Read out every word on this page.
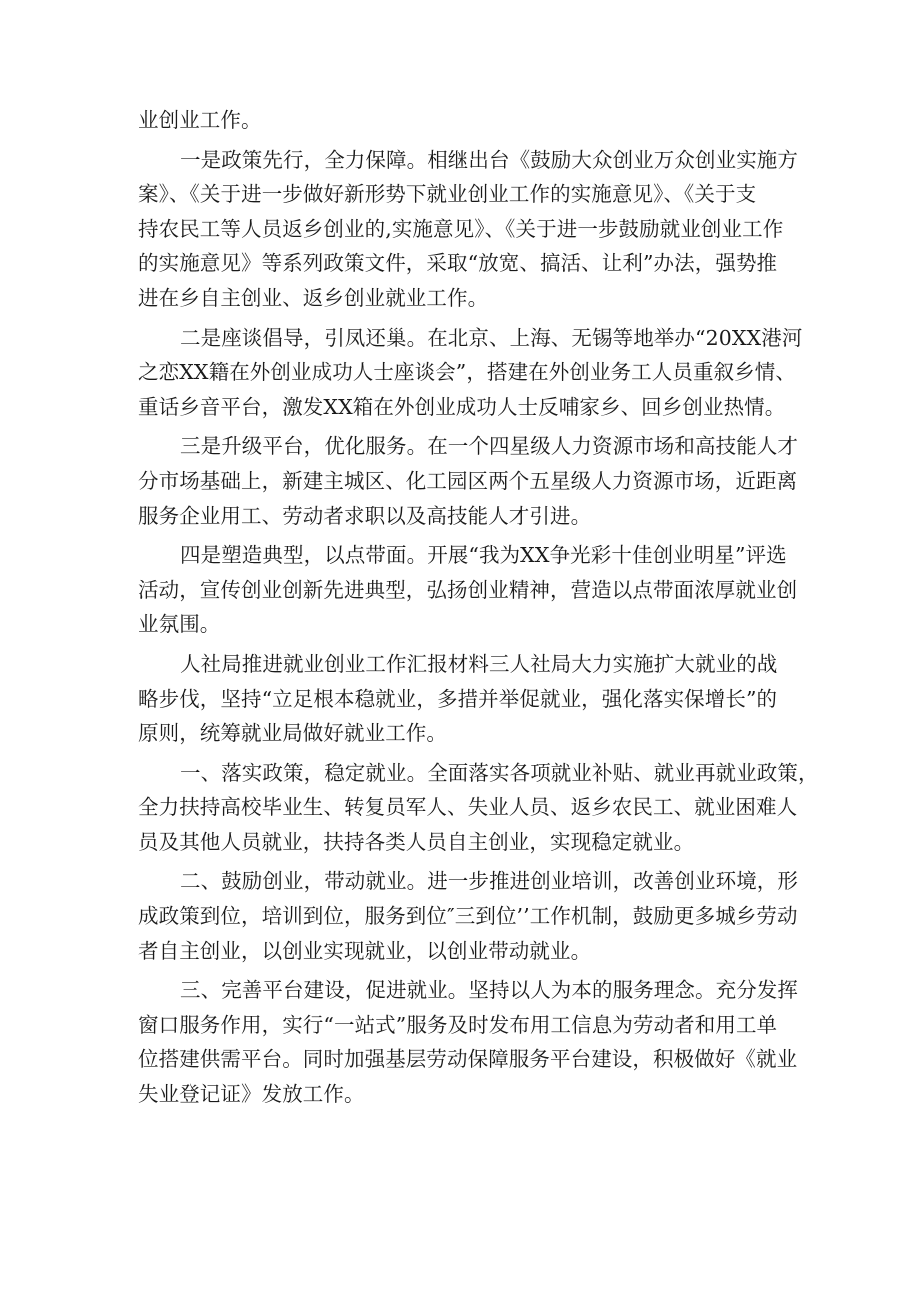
业创业工作。
一是政策先行，全力保障。相继出台《鼓励大众创业万众创业实施方
案》、《关于进一步做好新形势下就业创业工作的实施意见》、《关于支
持农民工等人员返乡创业的,实施意见》、《关于进一步鼓励就业创业工作
的实施意见》等系列政策文件，采取“放宽、搞活、让利”办法，强势推
进在乡自主创业、返乡创业就业工作。
二是座谈倡导，引凤还巢。在北京、上海、无锡等地举办“20XX港河
之恋XX籍在外创业成功人士座谈会”，搭建在外创业务工人员重叙乡情、
重话乡音平台，激发XX箱在外创业成功人士反哺家乡、回乡创业热情。
三是升级平台，优化服务。在一个四星级人力资源市场和高技能人才
分市场基础上，新建主城区、化工园区两个五星级人力资源市场，近距离
服务企业用工、劳动者求职以及高技能人才引进。
四是塑造典型，以点带面。开展“我为XX争光彩十佳创业明星”评选
活动，宣传创业创新先进典型，弘扬创业精神，营造以点带面浓厚就业创
业氛围。
人社局推进就业创业工作汇报材料三人社局大力实施扩大就业的战
略步伐，坚持“立足根本稳就业，多措并举促就业，强化落实保增长”的
原则，统筹就业局做好就业工作。
一、落实政策，稳定就业。全面落实各项就业补贴、就业再就业政策，
全力扶持高校毕业生、转复员军人、失业人员、返乡农民工、就业困难人
员及其他人员就业，扶持各类人员自主创业，实现稳定就业。
二、鼓励创业，带动就业。进一步推进创业培训，改善创业环境，形
成政策到位，培训到位，服务到位″三到位’’工作机制，鼓励更多城乡劳动
者自主创业，以创业实现就业，以创业带动就业。
三、完善平台建设，促进就业。坚持以人为本的服务理念。充分发挥
窗口服务作用，实行“一站式”服务及时发布用工信息为劳动者和用工单
位搭建供需平台。同时加强基层劳动保障服务平台建设，积极做好《就业
失业登记证》发放工作。
